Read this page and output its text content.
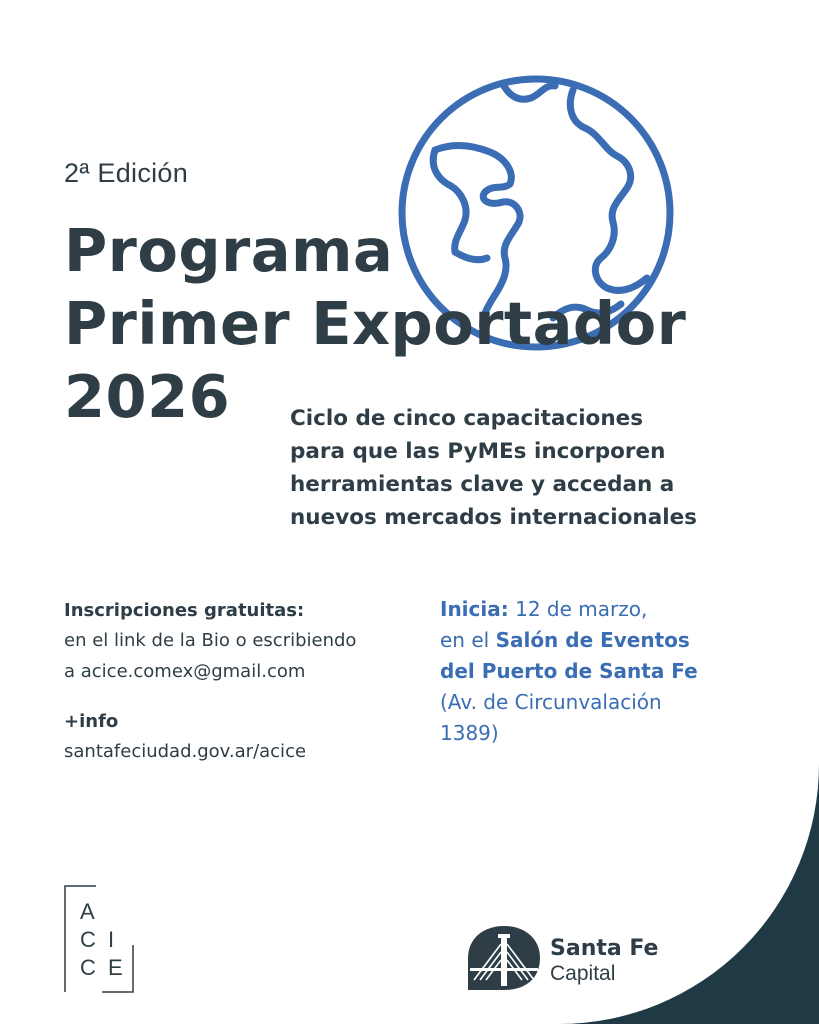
2ª Edición
Programa
Primer Exportador
2026	Ciclo de cinco capacitaciones
para que las PyMEs incorporen
herramientas clave y accedan a
nuevos mercados internacionales
Inscripciones gratuitas:
en el link de la Bio o escribiendo
a acice.comex@gmail.com
+info
santafeciudad.gov.ar/acice
Inicia: 12 de marzo,
en el Salón de Eventos
del Puerto de Santa Fe
(Av. de Circunvalación
1389)
A
C I
C E
Santa Fe
Capital
